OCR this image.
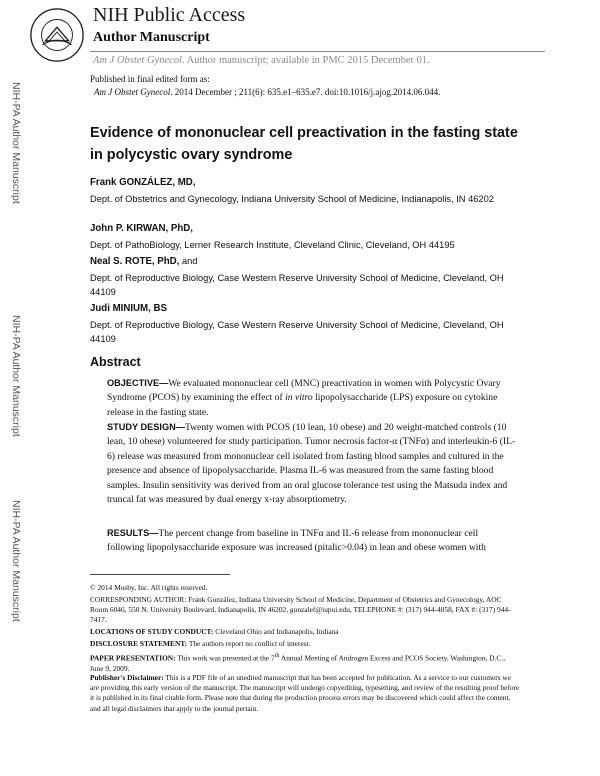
NIH-PA Author Manuscript
NIH-PA Author Manuscript
NIH-PA Author Manuscript
NIH Public Access
Author Manuscript
Am J Obstet Gynecol. Author manuscript; available in PMC 2015 December 01.
Published in final edited form as:
Am J Obstet Gynecol. 2014 December ; 211(6): 635.e1–635.e7. doi:10.1016/j.ajog.2014.06.044.
Evidence of mononuclear cell preactivation in the fasting state in polycystic ovary syndrome
Frank GONZÁLEZ, MD,
Dept. of Obstetrics and Gynecology, Indiana University School of Medicine, Indianapolis, IN 46202
John P. KIRWAN, PhD,
Dept. of PathoBiology, Lerner Research Institute, Cleveland Clinic, Cleveland, OH 44195
Neal S. ROTE, PhD, and
Dept. of Reproductive Biology, Case Western Reserve University School of Medicine, Cleveland, OH 44109
Judi MINIUM, BS
Dept. of Reproductive Biology, Case Western Reserve University School of Medicine, Cleveland, OH 44109
Abstract
OBJECTIVE—We evaluated mononuclear cell (MNC) preactivation in women with Polycystic Ovary Syndrome (PCOS) by examining the effect of in vitro lipopolysaccharide (LPS) exposure on cytokine release in the fasting state.
STUDY DESIGN—Twenty women with PCOS (10 lean, 10 obese) and 20 weight-matched controls (10 lean, 10 obese) volunteered for study participation. Tumor necrosis factor-α (TNFα) and interleukin-6 (IL-6) release was measured from mononuclear cell isolated from fasting blood samples and cultured in the presence and absence of lipopolysaccharide. Plasma IL-6 was measured from the same fasting blood samples. Insulin sensitivity was derived from an oral glucose tolerance test using the Matsuda index and truncal fat was measured by dual energy x-ray absorptiometry.
RESULTS—The percent change from baseline in TNFα and IL-6 release from mononuclear cell following lipopolysaccharide exposure was increased (pitalic>0.04) in lean and obese women with
© 2014 Mosby, Inc. All rights reserved.
CORRESPONDING AUTHOR: Frank González, Indiana University School of Medicine, Department of Obstetrics and Gynecology, AOC Room 6046, 550 N. University Boulevard, Indianapolis, IN 46202, gonzalef@iupui.edu, TELEPHONE #: (317) 944-4058, FAX #: (317) 944-7417.
LOCATIONS OF STUDY CONDUCT: Cleveland Ohio and Indianapolis, Indiana
DISCLOSURE STATEMENT: The authors report no conflict of interest.
PAPER PRESENTATION: This work was presented at the 7th Annual Meeting of Androgen Excess and PCOS Society, Washington, D.C., June 9, 2009.
Publisher's Disclaimer: This is a PDF file of an unedited manuscript that has been accepted for publication. As a service to our customers we are providing this early version of the manuscript. The manuscript will undergo copyediting, typesetting, and review of the resulting proof before it is published in its final citable form. Please note that during the production process errors may be discovered which could affect the content, and all legal disclaimers that apply to the journal pertain.
